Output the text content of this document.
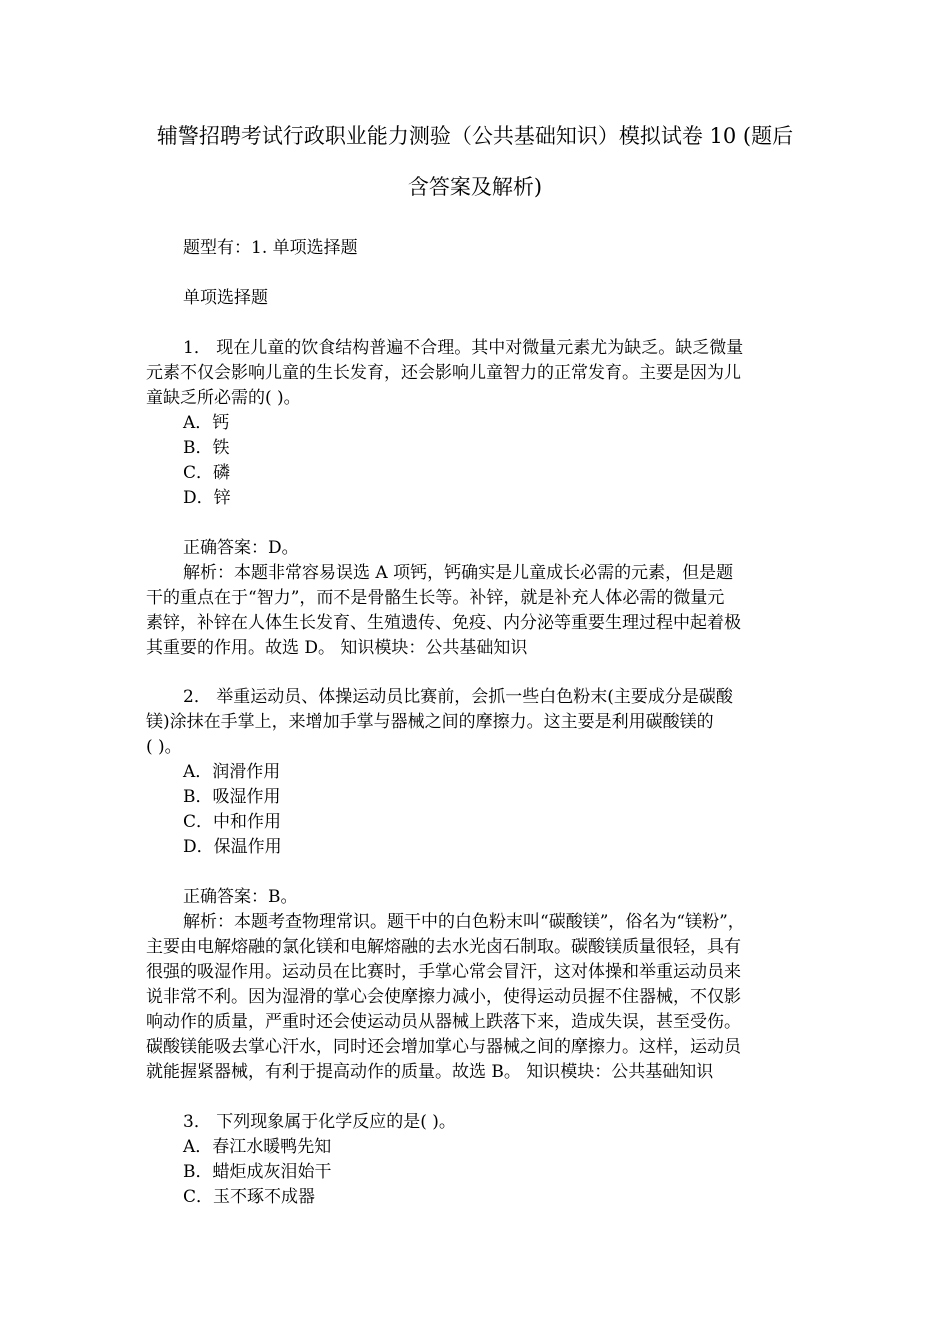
辅警招聘考试行政职业能力测验（公共基础知识）模拟试卷 10 (题后
含答案及解析)
题型有：1. 单项选择题
单项选择题
1． 现在儿童的饮食结构普遍不合理。其中对微量元素尤为缺乏。缺乏微量
元素不仅会影响儿童的生长发育，还会影响儿童智力的正常发育。主要是因为儿
童缺乏所必需的( )。
A．钙
B．铁
C．磷
D．锌
正确答案：D。
解析：本题非常容易误选 A 项钙，钙确实是儿童成长必需的元素，但是题
干的重点在于“智力”，而不是骨骼生长等。补锌，就是补充人体必需的微量元
素锌，补锌在人体生长发育、生殖遗传、免疫、内分泌等重要生理过程中起着极
其重要的作用。故选 D。 知识模块：公共基础知识
2． 举重运动员、体操运动员比赛前，会抓一些白色粉末(主要成分是碳酸
镁)涂抹在手掌上，来增加手掌与器械之间的摩擦力。这主要是利用碳酸镁的
( )。
A．润滑作用
B．吸湿作用
C．中和作用
D．保温作用
正确答案：B。
解析：本题考查物理常识。题干中的白色粉末叫“碳酸镁”，俗名为“镁粉”，
主要由电解熔融的氯化镁和电解熔融的去水光卤石制取。碳酸镁质量很轻，具有
很强的吸湿作用。运动员在比赛时，手掌心常会冒汗，这对体操和举重运动员来
说非常不利。因为湿滑的掌心会使摩擦力减小，使得运动员握不住器械，不仅影
响动作的质量，严重时还会使运动员从器械上跌落下来，造成失误，甚至受伤。
碳酸镁能吸去掌心汗水，同时还会增加掌心与器械之间的摩擦力。这样，运动员
就能握紧器械，有利于提高动作的质量。故选 B。 知识模块：公共基础知识
3． 下列现象属于化学反应的是( )。
A．春江水暖鸭先知
B．蜡炬成灰泪始干
C．玉不琢不成器
